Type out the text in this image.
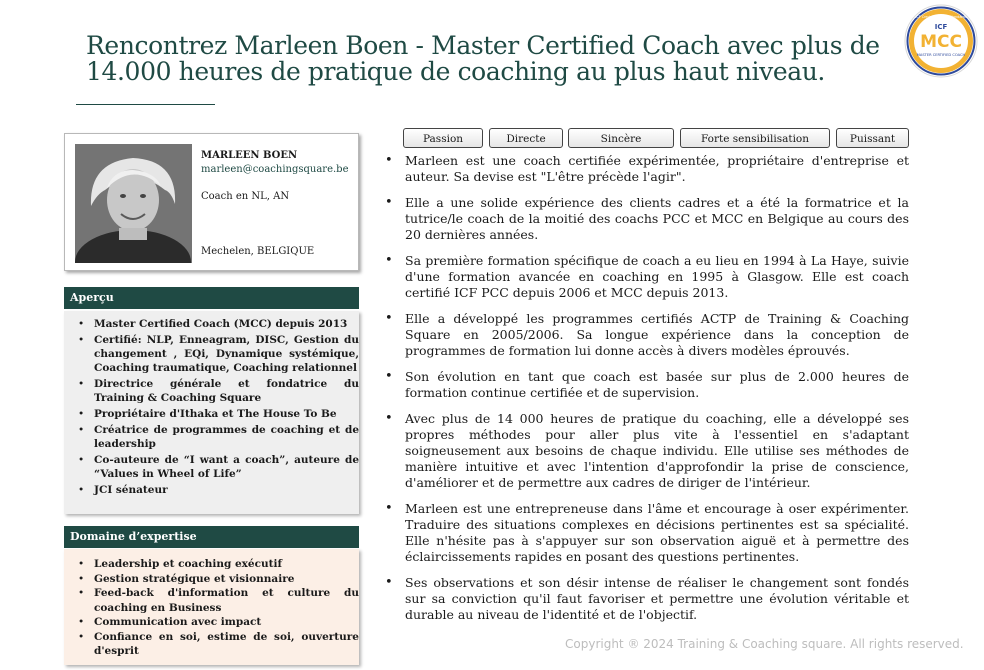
Rencontrez Marleen Boen - Master Certified Coach avec plus de 14.000 heures de pratique de coaching au plus haut niveau.
ICF
MCC
MASTER CERTIFIED COACH
ICF Credentials and Standards
MARLEEN BOEN
marleen@coachingsquare.be
Coach en NL, AN
Mechelen, BELGIQUE
Aperçu
• Master Certified Coach (MCC) depuis 2013
• Certifié: NLP, Enneagram, DISC, Gestion du changement , EQi, Dynamique systémique, Coaching traumatique, Coaching relationnel
• Directrice générale et fondatrice du Training & Coaching Square
• Propriétaire d'Ithaka et The House To Be
• Créatrice de programmes de coaching et de leadership
• Co-auteure de “I want a coach”, auteure de “Values in Wheel of Life”
• JCI sénateur
Domaine d’expertise
• Leadership et coaching exécutif
• Gestion stratégique et visionnaire
• Feed-back d'information et culture du coaching en Business
• Communication avec impact
• Confiance en soi, estime de soi, ouverture d'esprit
Passion	Directe	Sincère	Forte sensibilisation	Puissant
• Marleen est une coach certifiée expérimentée, propriétaire d'entreprise et auteur. Sa devise est "L'être précède l'agir".
• Elle a une solide expérience des clients cadres et a été la formatrice et la tutrice/le coach de la moitié des coachs PCC et MCC en Belgique au cours des 20 dernières années.
• Sa première formation spécifique de coach a eu lieu en 1994 à La Haye, suivie d'une formation avancée en coaching en 1995 à Glasgow. Elle est coach certifié ICF PCC depuis 2006 et MCC depuis 2013.
• Elle a développé les programmes certifiés ACTP de Training & Coaching Square en 2005/2006. Sa longue expérience dans la conception de programmes de formation lui donne accès à divers modèles éprouvés.
• Son évolution en tant que coach est basée sur plus de 2.000 heures de formation continue certifiée et de supervision.
• Avec plus de 14 000 heures de pratique du coaching, elle a développé ses propres méthodes pour aller plus vite à l'essentiel en s'adaptant soigneusement aux besoins de chaque individu. Elle utilise ses méthodes de manière intuitive et avec l'intention d'approfondir la prise de conscience, d'améliorer et de permettre aux cadres de diriger de l'intérieur.
• Marleen est une entrepreneuse dans l'âme et encourage à oser expérimenter. Traduire des situations complexes en décisions pertinentes est sa spécialité. Elle n'hésite pas à s'appuyer sur son observation aiguë et à permettre des éclaircissements rapides en posant des questions pertinentes.
• Ses observations et son désir intense de réaliser le changement sont fondés sur sa conviction qu'il faut favoriser et permettre une évolution véritable et durable au niveau de l'identité et de l'objectif.
Copyright ® 2024 Training & Coaching square. All rights reserved.
